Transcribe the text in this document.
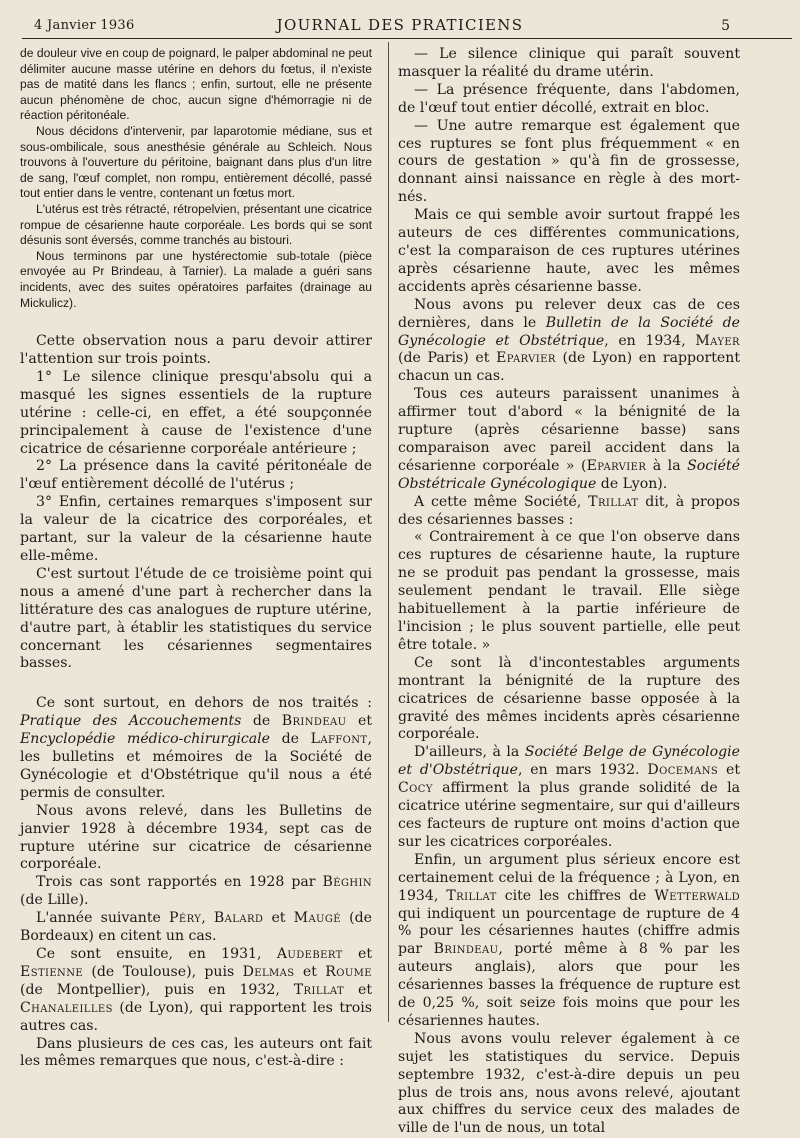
4 Janvier 1936	JOURNAL DES PRATICIENS	5

de douleur vive en coup de poignard, le palper abdominal ne peut délimiter aucune masse utérine en dehors du fœtus, il n'existe pas de matité dans les flancs ; enfin, surtout, elle ne présente aucun phénomène de choc, aucun signe d'hémorragie ni de réaction péritonéale.

Nous décidons d'intervenir, par laparotomie médiane, sus et sous-ombilicale, sous anesthésie générale au Schleich. Nous trouvons à l'ouverture du péritoine, baignant dans plus d'un litre de sang, l'œuf complet, non rompu, entièrement décollé, passé tout entier dans le ventre, contenant un fœtus mort.

L'utérus est très rétracté, rétropelvien, présentant une cicatrice rompue de césarienne haute corporéale. Les bords qui se sont désunis sont éversés, comme tranchés au bistouri.

Nous terminons par une hystérectomie sub-totale (pièce envoyée au Pr Brindeau, à Tarnier). La malade a guéri sans incidents, avec des suites opératoires parfaites (drainage au Mickulicz).

Cette observation nous a paru devoir attirer l'attention sur trois points.

1° Le silence clinique presqu'absolu qui a masqué les signes essentiels de la rupture utérine : celle-ci, en effet, a été soupçonnée principalement à cause de l'existence d'une cicatrice de césarienne corporéale antérieure ;

2° La présence dans la cavité péritonéale de l'œuf entièrement décollé de l'utérus ;

3° Enfin, certaines remarques s'imposent sur la valeur de la cicatrice des corporéales, et partant, sur la valeur de la césarienne haute elle-même.

C'est surtout l'étude de ce troisième point qui nous a amené d'une part à rechercher dans la littérature des cas analogues de rupture utérine, d'autre part, à établir les statistiques du service concernant les césariennes segmentaires basses.

Ce sont surtout, en dehors de nos traités : Pratique des Accouchements de Brindeau et Encyclopédie médico-chirurgicale de Laffont, les bulletins et mémoires de la Société de Gynécologie et d'Obstétrique qu'il nous a été permis de consulter.

Nous avons relevé, dans les Bulletins de janvier 1928 à décembre 1934, sept cas de rupture utérine sur cicatrice de césarienne corporéale.

Trois cas sont rapportés en 1928 par Béghin (de Lille).

L'année suivante Péry, Balard et Maugé (de Bordeaux) en citent un cas.

Ce sont ensuite, en 1931, Audebert et Estienne (de Toulouse), puis Delmas et Roume (de Montpellier), puis en 1932, Trillat et Chanaleilles (de Lyon), qui rapportent les trois autres cas.

Dans plusieurs de ces cas, les auteurs ont fait les mêmes remarques que nous, c'est-à-dire :

— Le silence clinique qui paraît souvent masquer la réalité du drame utérin.

— La présence fréquente, dans l'abdomen, de l'œuf tout entier décollé, extrait en bloc.

— Une autre remarque est également que ces ruptures se font plus fréquemment « en cours de gestation » qu'à fin de grossesse, donnant ainsi naissance en règle à des mort-nés.

Mais ce qui semble avoir surtout frappé les auteurs de ces différentes communications, c'est la comparaison de ces ruptures utérines après césarienne haute, avec les mêmes accidents après césarienne basse.

Nous avons pu relever deux cas de ces dernières, dans le Bulletin de la Société de Gynécologie et Obstétrique, en 1934, Mayer (de Paris) et Eparvier (de Lyon) en rapportent chacun un cas.

Tous ces auteurs paraissent unanimes à affirmer tout d'abord « la bénignité de la rupture (après césarienne basse) sans comparaison avec pareil accident dans la césarienne corporéale » (Eparvier à la Société Obstétricale Gynécologique de Lyon).

A cette même Société, Trillat dit, à propos des césariennes basses :

« Contrairement à ce que l'on observe dans ces ruptures de césarienne haute, la rupture ne se produit pas pendant la grossesse, mais seulement pendant le travail. Elle siège habituellement à la partie inférieure de l'incision ; le plus souvent partielle, elle peut être totale. »

Ce sont là d'incontestables arguments montrant la bénignité de la rupture des cicatrices de césarienne basse opposée à la gravité des mêmes incidents après césarienne corporéale.

D'ailleurs, à la Société Belge de Gynécologie et d'Obstétrique, en mars 1932. Docemans et Cocy affirment la plus grande solidité de la cicatrice utérine segmentaire, sur qui d'ailleurs ces facteurs de rupture ont moins d'action que sur les cicatrices corporéales.

Enfin, un argument plus sérieux encore est certainement celui de la fréquence ; à Lyon, en 1934, Trillat cite les chiffres de Wetterwald qui indiquent un pourcentage de rupture de 4 % pour les césariennes hautes (chiffre admis par Brindeau, porté même à 8 % par les auteurs anglais), alors que pour les césariennes basses la fréquence de rupture est de 0,25 %, soit seize fois moins que pour les césariennes hautes.

Nous avons voulu relever également à ce sujet les statistiques du service. Depuis septembre 1932, c'est-à-dire depuis un peu plus de trois ans, nous avons relevé, ajoutant aux chiffres du service ceux des malades de ville de l'un de nous, un total
